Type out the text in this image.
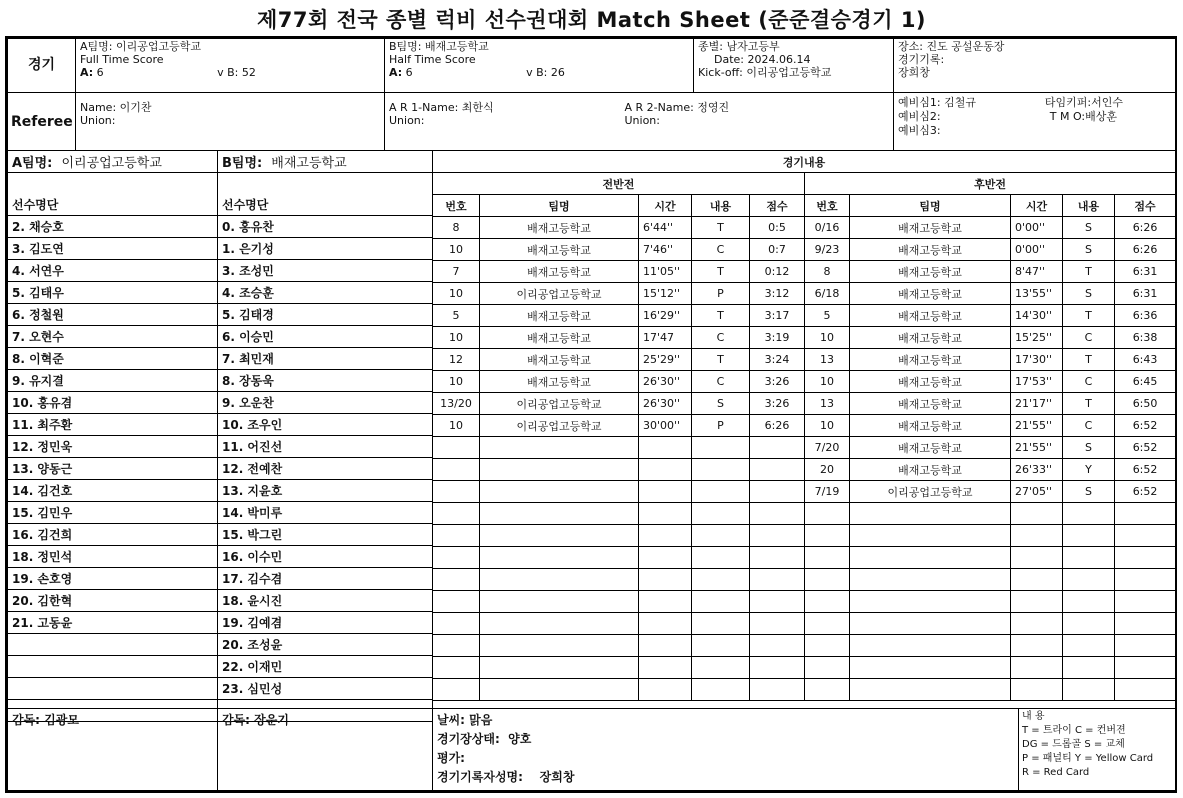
제77회 전국 종별 럭비 선수권대회 Match Sheet (준준결승경기 1)
경기	
A팀명: 이리공업고등학교
Full Time Score
A: 6	v B: 52

B팀명: 배재고등학교
Half Time Score
A: 6	v B: 26

종별: 남자고등부
Date: 2024.06.14
Kick-off: 이리공업고등학교

장소: 진도 공설운동장
경기기록:
장희창
Referee	
Name: 이기찬
Union:

A R 1-Name: 최한식
Union:

A R 2-Name: 정영진
Union:

예비심1: 김철규	타임키퍼:서인수
예비심2:	T M O:배상훈
예비심3:
A팀명: 이리공업고등학교	B팀명: 배재고등학교

선수명단	선수명단
2. 채승호	0. 홍유찬
3. 김도연	1. 은기성
4. 서연우	3. 조성민
5. 김태우	4. 조승훈
6. 정철원	5. 김태경
7. 오현수	6. 이승민
8. 이혁준	7. 최민재
9. 유지결	8. 장동욱
10. 홍유겸	9. 오운찬
11. 최주환	10. 조우인
12. 정민욱	11. 어진선
13. 양동근	12. 전예찬
14. 김건호	13. 지윤호
15. 김민우	14. 박미루
16. 김건희	15. 박그린
18. 정민석	16. 이수민
19. 손호영	17. 김수겸
20. 김한혁	18. 윤시진
21. 고동윤	19. 김예겸
	20. 조성윤
	22. 이재민
	23. 심민성

경기내용									
전반전					후반전				
번호	팀명	시간	내용	점수	번호	팀명	시간	내용	점수
8	배재고등학교	6'44''	T	0:5	0/16	배재고등학교	0'00''	S	6:26
10	배재고등학교	7'46''	C	0:7	9/23	배재고등학교	0'00''	S	6:26
7	배재고등학교	11'05''	T	0:12	8	배재고등학교	8'47''	T	6:31
10	이리공업고등학교	15'12''	P	3:12	6/18	배재고등학교	13'55''	S	6:31
5	배재고등학교	16'29''	T	3:17	5	배재고등학교	14'30''	T	6:36
10	배재고등학교	17'47	C	3:19	10	배재고등학교	15'25''	C	6:38
12	배재고등학교	25'29''	T	3:24	13	배재고등학교	17'30''	T	6:43
10	배재고등학교	26'30''	C	3:26	10	배재고등학교	17'53''	C	6:45
13/20	이리공업고등학교	26'30''	S	3:26	13	배재고등학교	21'17''	T	6:50
10	이리공업고등학교	30'00''	P	6:26	10	배재고등학교	21'55''	C	6:52
					7/20	배재고등학교	21'55''	S	6:52
					20	배재고등학교	26'33''	Y	6:52
					7/19	이리공업고등학교	27'05''	S	6:52

감독: 김광모	감독: 장운기	날씨: 맑음
경기장상태: 양호
평가:
경기기록자성명: 장희창

내 용
T = 트라이 C = 컨버젼
DG = 드롭골 S = 교체
P = 패널티 Y = Yellow Card
R = Red Card
